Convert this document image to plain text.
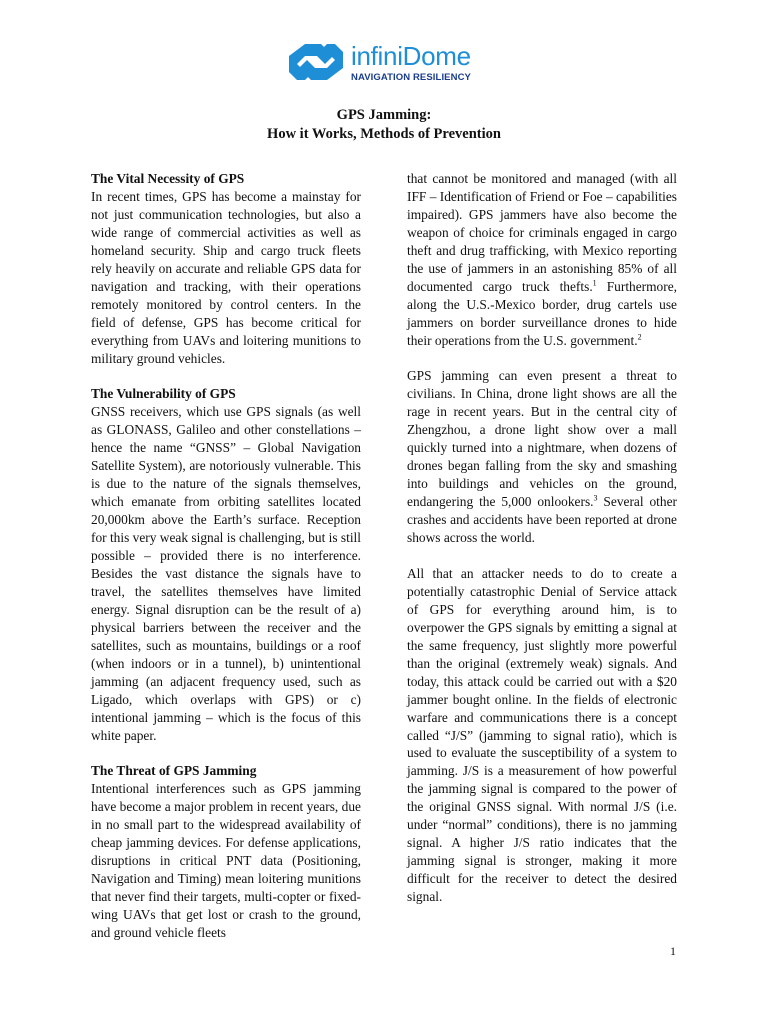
infiniDome
NAVIGATION RESILIENCY
GPS Jamming:
How it Works, Methods of Prevention
The Vital Necessity of GPS

In recent times, GPS has become a mainstay for not just communication technologies, but also a wide range of commercial activities as well as homeland security. Ship and cargo truck fleets rely heavily on accurate and reliable GPS data for navigation and tracking, with their operations remotely monitored by control centers. In the field of defense, GPS has become critical for everything from UAVs and loitering munitions to military ground vehicles.

The Vulnerability of GPS

GNSS receivers, which use GPS signals (as well as GLONASS, Galileo and other constellations – hence the name “GNSS” – Global Navigation Satellite System), are notoriously vulnerable. This is due to the nature of the signals themselves, which emanate from orbiting satellites located 20,000km above the Earth’s surface. Reception for this very weak signal is challenging, but is still possible – provided there is no interference. Besides the vast distance the signals have to travel, the satellites themselves have limited energy. Signal disruption can be the result of a) physical barriers between the receiver and the satellites, such as mountains, buildings or a roof (when indoors or in a tunnel), b) unintentional jamming (an adjacent frequency used, such as Ligado, which overlaps with GPS) or c) intentional jamming – which is the focus of this white paper.

The Threat of GPS Jamming

Intentional interferences such as GPS jamming have become a major problem in recent years, due in no small part to the widespread availability of cheap jamming devices. For defense applications, disruptions in critical PNT data (Positioning, Navigation and Timing) mean loitering munitions that never find their targets, multi-copter or fixed-wing UAVs that get lost or crash to the ground, and ground vehicle fleets

that cannot be monitored and managed (with all IFF – Identification of Friend or Foe – capabilities impaired). GPS jammers have also become the weapon of choice for criminals engaged in cargo theft and drug trafficking, with Mexico reporting the use of jammers in an astonishing 85% of all documented cargo truck thefts.$^1$ Furthermore, along the U.S.-Mexico border, drug cartels use jammers on border surveillance drones to hide their operations from the U.S. government.$^2$

GPS jamming can even present a threat to civilians. In China, drone light shows are all the rage in recent years. But in the central city of Zhengzhou, a drone light show over a mall quickly turned into a nightmare, when dozens of drones began falling from the sky and smashing into buildings and vehicles on the ground, endangering the 5,000 onlookers.$^3$ Several other crashes and accidents have been reported at drone shows across the world.

All that an attacker needs to do to create a potentially catastrophic Denial of Service attack of GPS for everything around him, is to overpower the GPS signals by emitting a signal at the same frequency, just slightly more powerful than the original (extremely weak) signals. And today, this attack could be carried out with a $20 jammer bought online. In the fields of electronic warfare and communications there is a concept called “J/S” (jamming to signal ratio), which is used to evaluate the susceptibility of a system to jamming. J/S is a measurement of how powerful the jamming signal is compared to the power of the original GNSS signal. With normal J/S (i.e. under “normal” conditions), there is no jamming signal. A higher J/S ratio indicates that the jamming signal is stronger, making it more difficult for the receiver to detect the desired signal.

1
